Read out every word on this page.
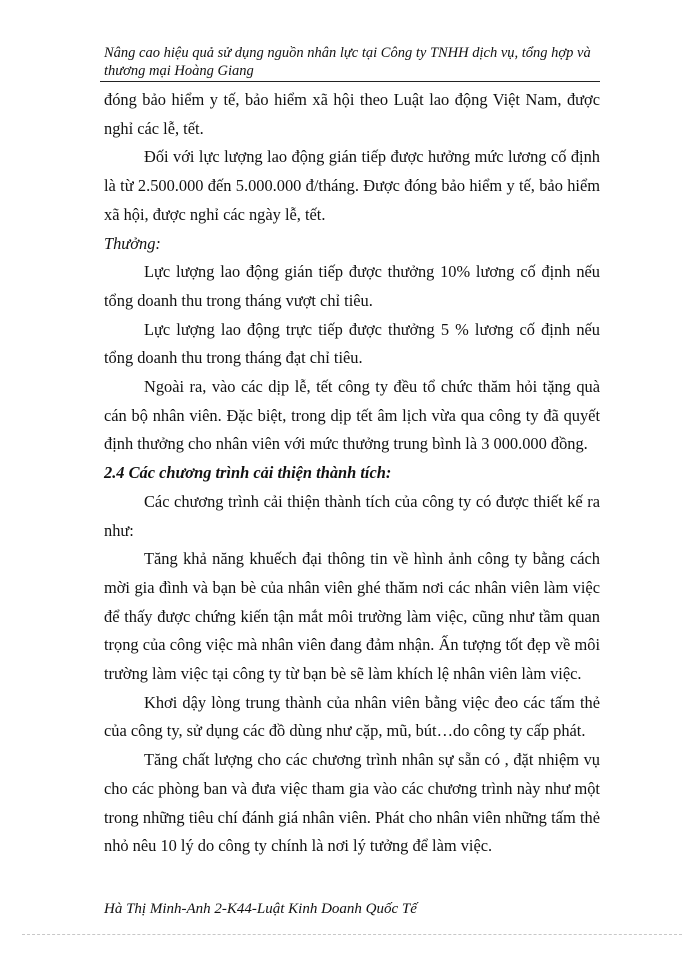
Nâng cao hiệu quả sử dụng nguồn nhân lực tại Công ty TNHH dịch vụ, tổng hợp và thương mại Hoàng Giang

đóng bảo hiểm y tế, bảo hiểm xã hội theo Luật lao động Việt Nam, được nghỉ các lễ, tết.

Đối với lực lượng lao động gián tiếp được hưởng mức lương cố định là từ 2.500.000 đến 5.000.000 đ/tháng. Được đóng bảo hiểm y tế, bảo hiểm xã hội, được nghỉ các ngày lễ, tết.

Thưởng:

Lực lượng lao động gián tiếp được thưởng 10% lương cố định nếu tổng doanh thu trong tháng vượt chỉ tiêu.

Lực lượng lao động trực tiếp được thưởng 5 % lương cố định nếu tổng doanh thu trong tháng đạt chỉ tiêu.

Ngoài ra, vào các dịp lễ, tết công ty đều tổ chức thăm hỏi tặng quà cán bộ nhân viên. Đặc biệt, trong dịp tết âm lịch vừa qua công ty đã quyết định thưởng cho nhân viên với mức thưởng trung bình là 3 000.000 đồng.

2.4 Các chương trình cải thiện thành tích:

Các chương trình cải thiện thành tích của công ty có được thiết kế ra như:

Tăng khả năng khuếch đại thông tin về hình ảnh công ty bằng cách mời gia đình và bạn bè của nhân viên ghé thăm nơi các nhân viên làm việc để thấy được chứng kiến tận mắt môi trường làm việc, cũng như tầm quan trọng của công việc mà nhân viên đang đảm nhận. Ấn tượng tốt đẹp về môi trường làm việc tại công ty từ bạn bè sẽ làm khích lệ nhân viên làm việc.

Khơi dậy lòng trung thành của nhân viên bằng việc đeo các tấm thẻ của công ty, sử dụng các đồ dùng như cặp, mũ, bút…do công ty cấp phát.

Tăng chất lượng cho các chương trình nhân sự sẵn có , đặt nhiệm vụ cho các phòng ban và đưa việc tham gia vào các chương trình này như một trong những tiêu chí đánh giá nhân viên. Phát cho nhân viên những tấm thẻ nhỏ nêu 10 lý do công ty chính là nơi lý tưởng để làm việc.

Hà Thị Minh-Anh 2-K44-Luật Kinh Doanh Quốc Tế
